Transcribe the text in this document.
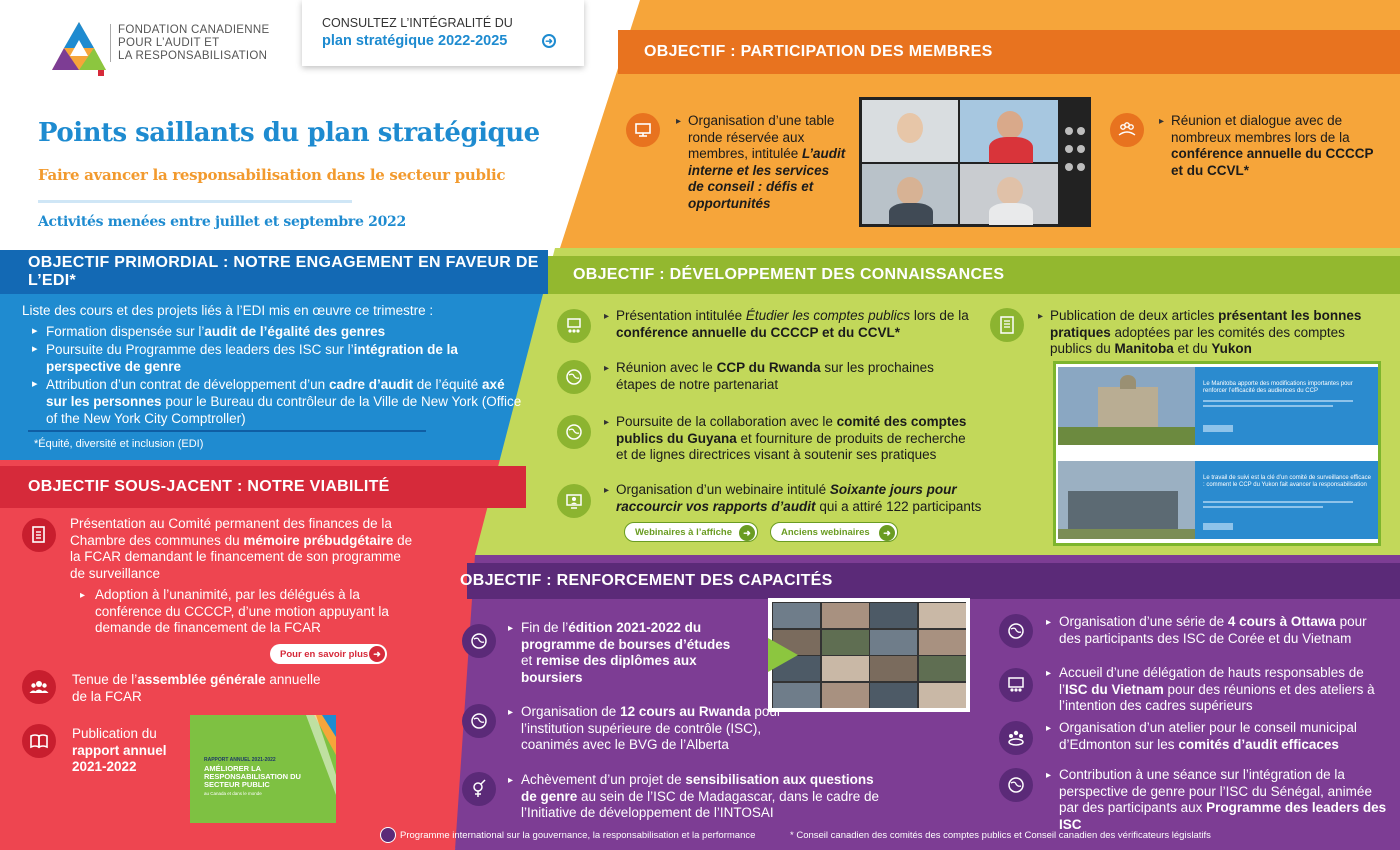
FONDATION CANADIENNE
POUR L’AUDIT ET
LA RESPONSABILISATION
CONSULTEZ L’INTÉGRALITÉ DU
plan stratégique 2022-2025	➜
Points saillants du plan stratégique
Faire avancer la responsabilisation dans le secteur public
Activités menées entre juillet et septembre 2022
OBJECTIF PRIMORDIAL : NOTRE ENGAGEMENT EN FAVEUR DE L’EDI*
Liste des cours et des projets liés à l’EDI mis en œuvre ce trimestre :
▸ Formation dispensée sur l’audit de l’égalité des genres
▸ Poursuite du Programme des leaders des ISC sur l’intégration de la perspective de genre
▸ Attribution d’un contrat de développement d’un cadre d’audit de l’équité axé sur les personnes pour le Bureau du contrôleur de la Ville de New York (Office of the New York City Comptroller)
*Équité, diversité et inclusion (EDI)
OBJECTIF SOUS-JACENT : NOTRE VIABILITÉ
Présentation au Comité permanent des finances de la Chambre des communes du mémoire prébudgétaire de la FCAR demandant le financement de son programme de surveillance
▸ Adoption à l’unanimité, par les délégués à la conférence du CCCCP, d’une motion appuyant la demande de financement de la FCAR
Pour en savoir plus ➜
Tenue de l’assemblée générale annuelle de la FCAR
Publication du
rapport annuel 2021-2022	RAPPORT ANNUEL 2021-2022
AMÉLIORER LA RESPONSABILISATION DU SECTEUR PUBLIC
au Canada et dans le monde
OBJECTIF : PARTICIPATION DES MEMBRES
▸ Organisation d’une table ronde réservée aux membres, intitulée L’audit interne et les services de conseil : défis et opportunités
▸ Réunion et dialogue avec de nombreux membres lors de la conférence annuelle du CCCCP et du CCVL*
OBJECTIF : DÉVELOPPEMENT DES CONNAISSANCES
▸ Présentation intitulée Étudier les comptes publics lors de la conférence annuelle du CCCCP et du CCVL*
▸ Réunion avec le CCP du Rwanda sur les prochaines étapes de notre partenariat
▸ Poursuite de la collaboration avec le comité des comptes publics du Guyana et fourniture de produits de recherche et de lignes directrices visant à soutenir ses pratiques
▸ Organisation d’un webinaire intitulé Soixante jours pour raccourcir vos rapports d’audit qui a attiré 122 participants
Webinaires à l’affiche	➜	Anciens webinaires	➜
▸ Publication de deux articles présentant les bonnes pratiques adoptées par les comités des comptes publics du Manitoba et du Yukon
Le Manitoba apporte des modifications importantes pour renforcer l’efficacité des audiences du CCP
Le travail de suivi est la clé d’un comité de surveillance efficace : comment le CCP du Yukon fait avancer la responsabilisation
OBJECTIF : RENFORCEMENT DES CAPACITÉS
▸ Fin de l’édition 2021-2022 du programme de bourses d’études et remise des diplômes aux boursiers
▸ Organisation de 12 cours au Rwanda pour l’institution supérieure de contrôle (ISC), coanimés avec le BVG de l’Alberta
▸ Achèvement d’un projet de sensibilisation aux questions de genre au sein de l’ISC de Madagascar, dans le cadre de l’Initiative de développement de l’INTOSAI
▸ Organisation d’une série de 4 cours à Ottawa pour des participants des ISC de Corée et du Vietnam
▸ Accueil d’une délégation de hauts responsables de l’ISC du Vietnam pour des réunions et des ateliers à l’intention des cadres supérieurs
▸ Organisation d’un atelier pour le conseil municipal d’Edmonton sur les comités d’audit efficaces
▸ Contribution à une séance sur l’intégration de la perspective de genre pour l’ISC du Sénégal, animée par des participants aux Programme des leaders des ISC
Programme international sur la gouvernance, la responsabilisation et la performance	* Conseil canadien des comités des comptes publics et Conseil canadien des vérificateurs législatifs
